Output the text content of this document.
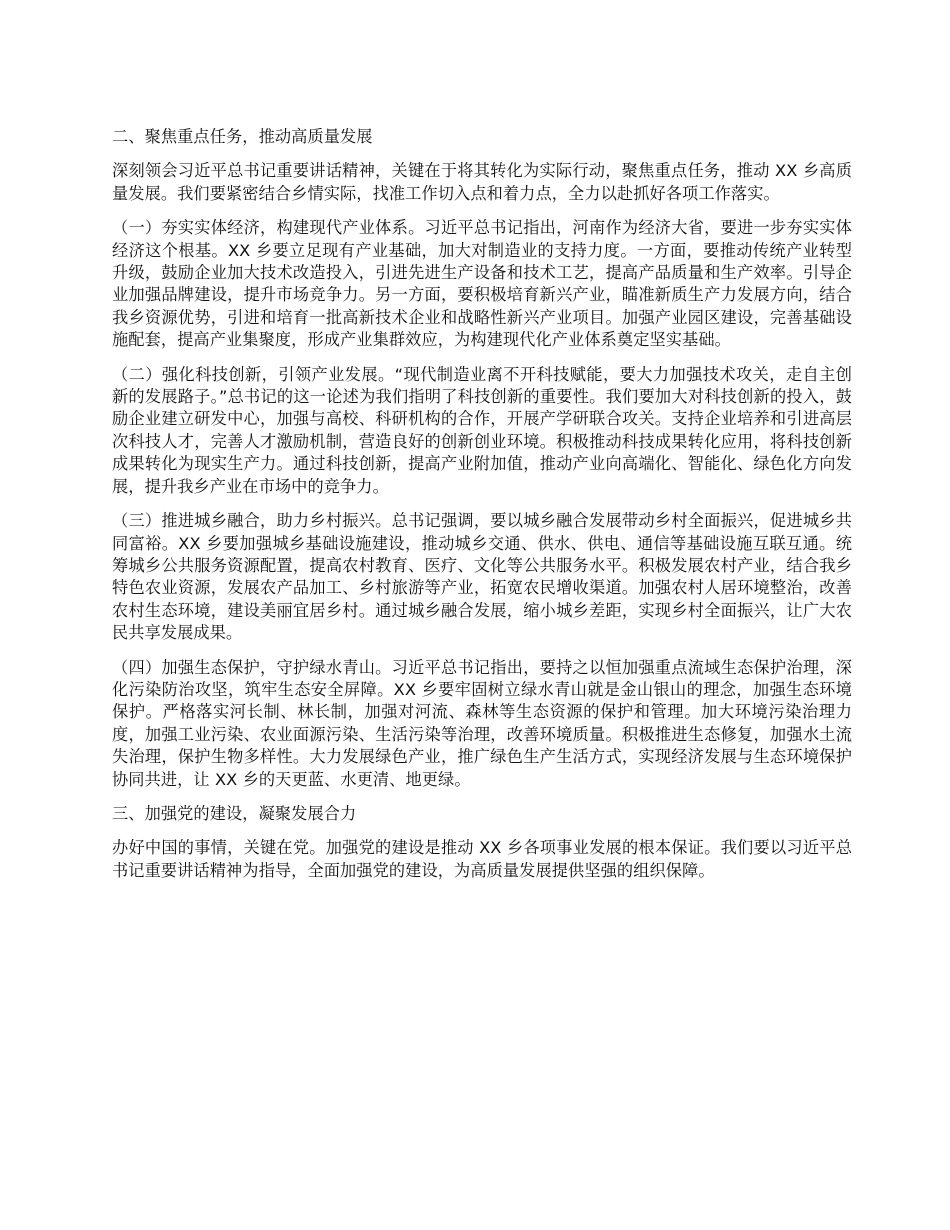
二、聚焦重点任务，推动高质量发展
深刻领会习近平总书记重要讲话精神，关键在于将其转化为实际行动，聚焦重点任务，推动 XX 乡高质量发展。我们要紧密结合乡情实际，找准工作切入点和着力点，全力以赴抓好各项工作落实。
（一）夯实实体经济，构建现代产业体系。习近平总书记指出，河南作为经济大省，要进一步夯实实体经济这个根基。XX 乡要立足现有产业基础，加大对制造业的支持力度。一方面，要推动传统产业转型升级，鼓励企业加大技术改造投入，引进先进生产设备和技术工艺，提高产品质量和生产效率。引导企业加强品牌建设，提升市场竞争力。另一方面，要积极培育新兴产业，瞄准新质生产力发展方向，结合我乡资源优势，引进和培育一批高新技术企业和战略性新兴产业项目。加强产业园区建设，完善基础设施配套，提高产业集聚度，形成产业集群效应，为构建现代化产业体系奠定坚实基础。
（二）强化科技创新，引领产业发展。“现代制造业离不开科技赋能，要大力加强技术攻关，走自主创新的发展路子。”总书记的这一论述为我们指明了科技创新的重要性。我们要加大对科技创新的投入，鼓励企业建立研发中心，加强与高校、科研机构的合作，开展产学研联合攻关。支持企业培养和引进高层次科技人才，完善人才激励机制，营造良好的创新创业环境。积极推动科技成果转化应用，将科技创新成果转化为现实生产力。通过科技创新，提高产业附加值，推动产业向高端化、智能化、绿色化方向发展，提升我乡产业在市场中的竞争力。
（三）推进城乡融合，助力乡村振兴。总书记强调，要以城乡融合发展带动乡村全面振兴，促进城乡共同富裕。XX 乡要加强城乡基础设施建设，推动城乡交通、供水、供电、通信等基础设施互联互通。统筹城乡公共服务资源配置，提高农村教育、医疗、文化等公共服务水平。积极发展农村产业，结合我乡特色农业资源，发展农产品加工、乡村旅游等产业，拓宽农民增收渠道。加强农村人居环境整治，改善农村生态环境，建设美丽宜居乡村。通过城乡融合发展，缩小城乡差距，实现乡村全面振兴，让广大农民共享发展成果。
（四）加强生态保护，守护绿水青山。习近平总书记指出，要持之以恒加强重点流域生态保护治理，深化污染防治攻坚，筑牢生态安全屏障。XX 乡要牢固树立绿水青山就是金山银山的理念，加强生态环境保护。严格落实河长制、林长制，加强对河流、森林等生态资源的保护和管理。加大环境污染治理力度，加强工业污染、农业面源污染、生活污染等治理，改善环境质量。积极推进生态修复，加强水土流失治理，保护生物多样性。大力发展绿色产业，推广绿色生产生活方式，实现经济发展与生态环境保护协同共进，让 XX 乡的天更蓝、水更清、地更绿。
三、加强党的建设，凝聚发展合力
办好中国的事情，关键在党。加强党的建设是推动 XX 乡各项事业发展的根本保证。我们要以习近平总书记重要讲话精神为指导，全面加强党的建设，为高质量发展提供坚强的组织保障。
